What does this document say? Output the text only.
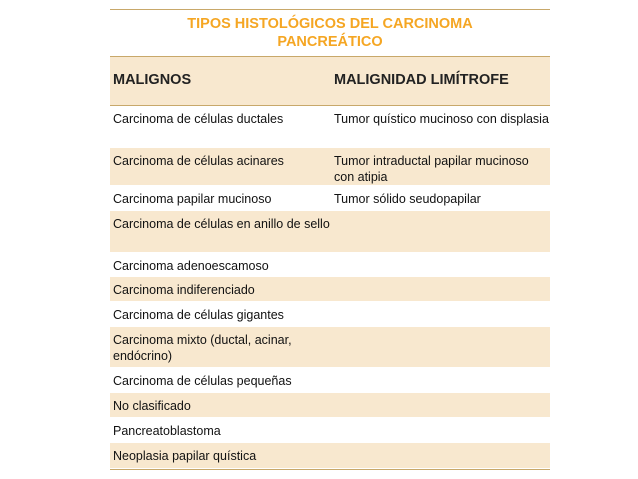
TIPOS HISTOLÓGICOS DEL CARCINOMA
PANCREÁTICO
MALIGNOS	MALIGNIDAD LIMÍTROFE
Carcinoma de células ductales	Tumor quístico mucinoso con displasia
Carcinoma de células acinares	Tumor intraductal papilar mucinoso con atipia
Carcinoma papilar mucinoso	Tumor sólido seudopapilar
Carcinoma de células en anillo de sello
Carcinoma adenoescamoso
Carcinoma indiferenciado
Carcinoma de células gigantes
Carcinoma mixto (ductal, acinar, endócrino)
Carcinoma de células pequeñas
No clasificado
Pancreatoblastoma
Neoplasia papilar quística
